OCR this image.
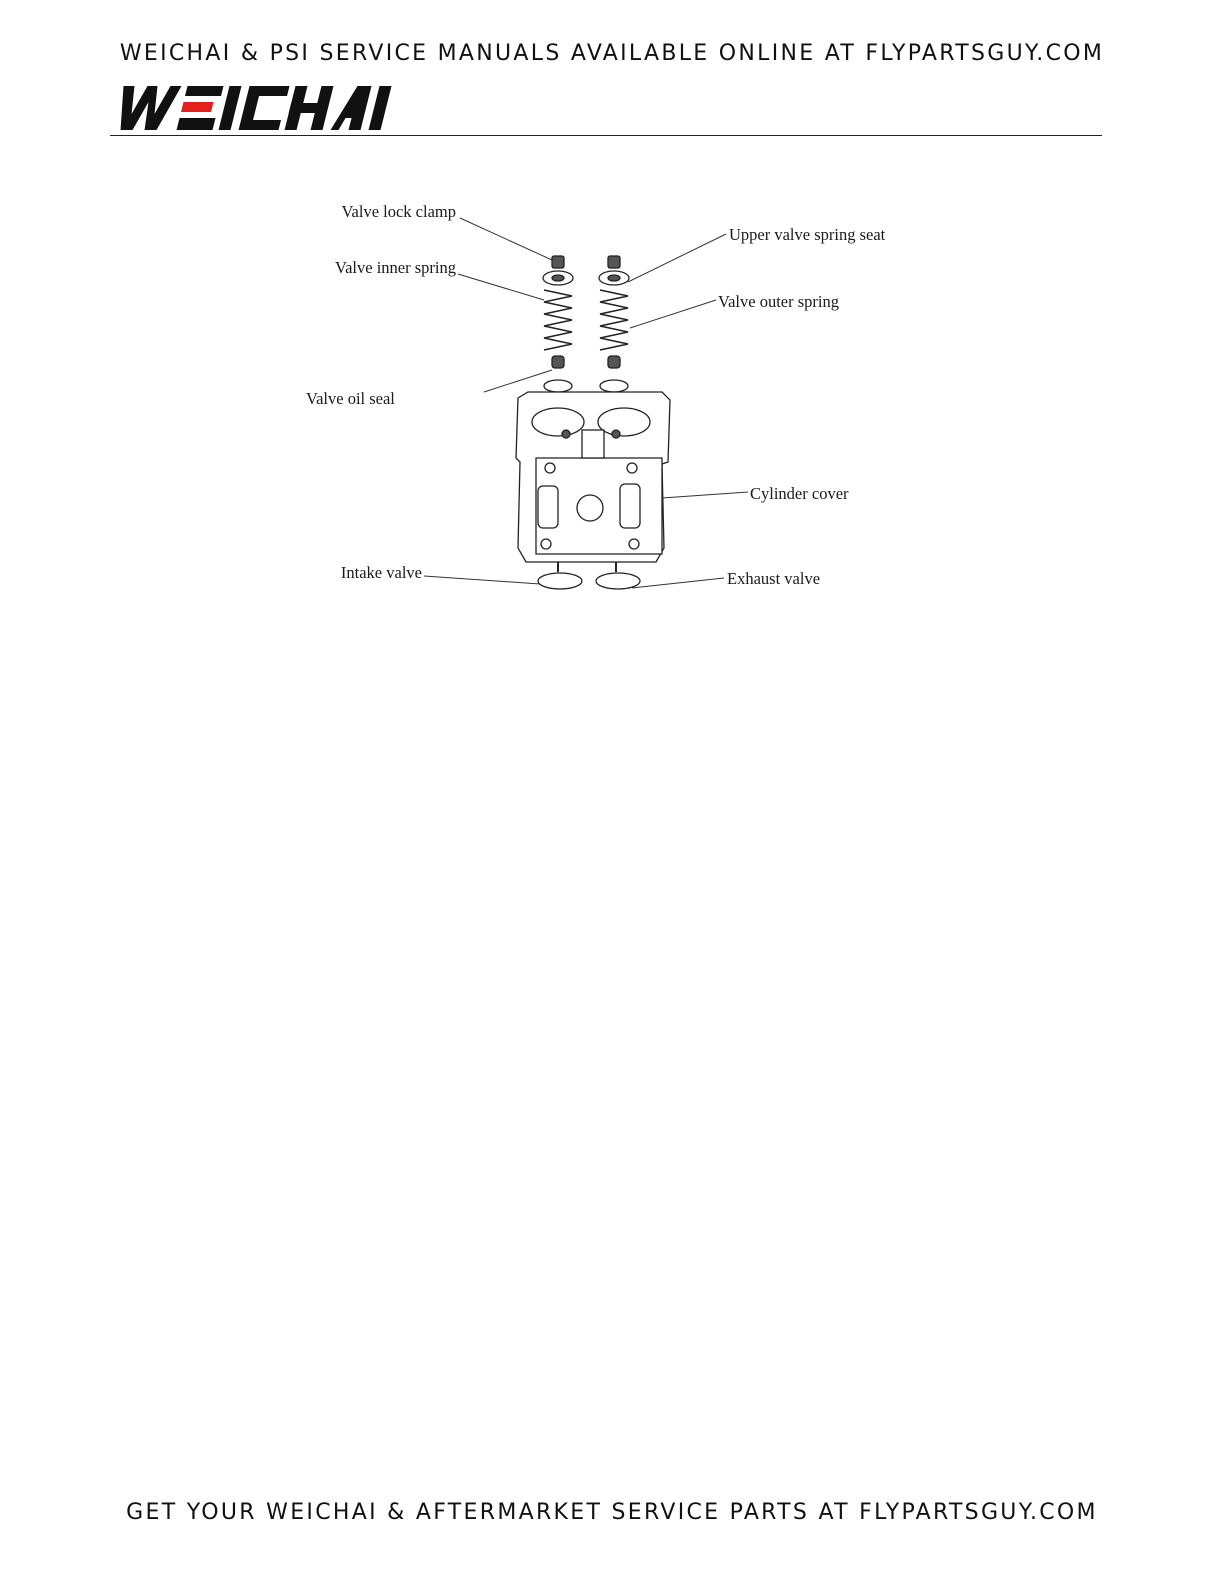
WEICHAI & PSI SERVICE MANUALS AVAILABLE ONLINE AT FLYPARTSGUY.COM
Valve lock clamp
Valve inner spring
Valve oil seal
Upper valve spring seat
Valve outer spring
Cylinder cover
Intake valve	Exhaust valve
GET YOUR WEICHAI & AFTERMARKET SERVICE PARTS AT FLYPARTSGUY.COM
